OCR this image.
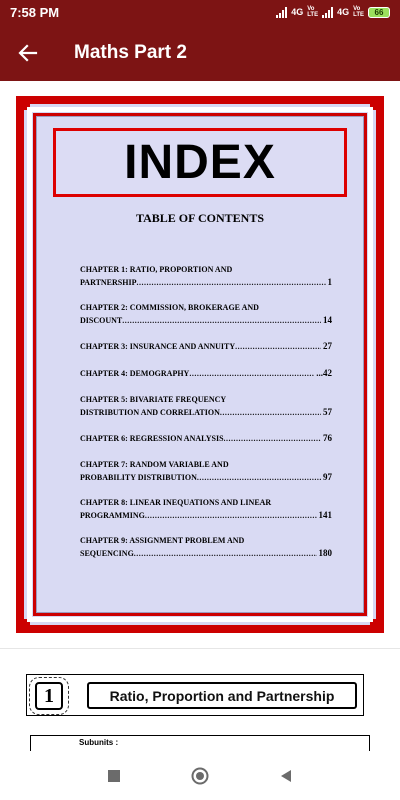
7:58 PM	4G Vo
LTE 4G Vo
LTE	66
Maths Part 2
INDEX
TABLE OF CONTENTS
CHAPTER 1: RATIO, PROPORTION AND
PARTNERSHIP .....	1
CHAPTER 2: COMMISSION, BROKERAGE AND
DISCOUNT .....	14
CHAPTER 3: INSURANCE AND ANNUITY .....	27
CHAPTER 4: DEMOGRAPHY .....	...42
CHAPTER 5: BIVARIATE FREQUENCY
DISTRIBUTION AND CORRELATION .....	57
CHAPTER 6: REGRESSION ANALYSIS .....	76
CHAPTER 7: RANDOM VARIABLE AND
PROBABILITY DISTRIBUTION .....	97
CHAPTER 8: LINEAR INEQUATIONS AND LINEAR
PROGRAMMING .....	141
CHAPTER 9: ASSIGNMENT PROBLEM AND
SEQUENCING .....	180
1	Ratio, Proportion and Partnership
Subunits :
